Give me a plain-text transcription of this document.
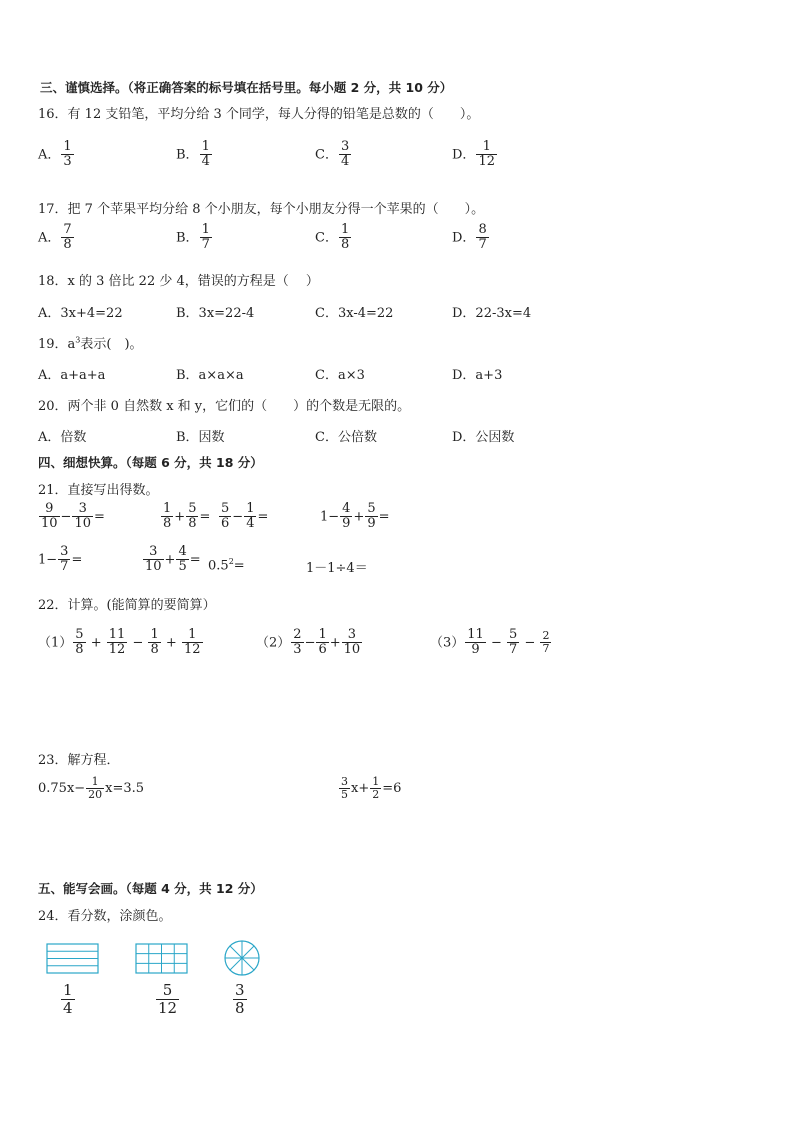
三、谨慎选择。（将正确答案的标号填在括号里。每小题 2 分，共 10 分）
16．有 12 支铅笔，平均分给 3 个同学，每人分得的铅笔是总数的（　　）。
A． $\frac{1}{3}$	B． $\frac{1}{4}$	C． $\frac{3}{4}$	D． $\frac{1}{12}$
17．把 7 个苹果平均分给 8 个小朋友，每个小朋友分得一个苹果的（　　）。
A． $\frac{7}{8}$	B． $\frac{1}{7}$	C． $\frac{1}{8}$	D． $\frac{8}{7}$
18．x 的 3 倍比 22 少 4，错误的方程是（　 ）
A．3x+4=22	B．3x=22-4	C．3x-4=22	D．22-3x=4
19．$a^3$表示(　)。
A．a+a+a	B．a×a×a	C．a×3	D．a+3
20．两个非 0 自然数 x 和 y，它们的（　　）的个数是无限的。
A．倍数	B．因数	C．公倍数	D．公因数
四、细想快算。（每题 6 分，共 18 分）
21．直接写出得数。
$\frac{9}{10} - \frac{3}{10}$ =	$\frac{1}{8} + \frac{5}{8} = \frac{5}{6} - \frac{1}{4}$ =	$1- \frac{4}{9} + \frac{5}{9}$ =
$1- \frac{3}{7}$ =	$\frac{3}{10} + \frac{4}{5} = 0.5^2=$	1－1÷4＝
22．计算。(能简算的要简算）
$(1) \frac{5}{8} + \frac{11}{12} - \frac{1}{8} + \frac{1}{12}$	$(2) \frac{2}{3} - \frac{1}{6} + \frac{3}{10}$	$(3) \frac{11}{9} - \frac{5}{7} - \frac{2}{7}$
23．解方程．
$0.75x- \frac{1}{20} x=3.5$	$\frac{3}{5} x+ \frac{1}{2} =6$
五、能写会画。（每题 4 分，共 12 分）
24．看分数，涂颜色。
$\frac{1}{4}$	$\frac{5}{12}$	$\frac{3}{8}$
